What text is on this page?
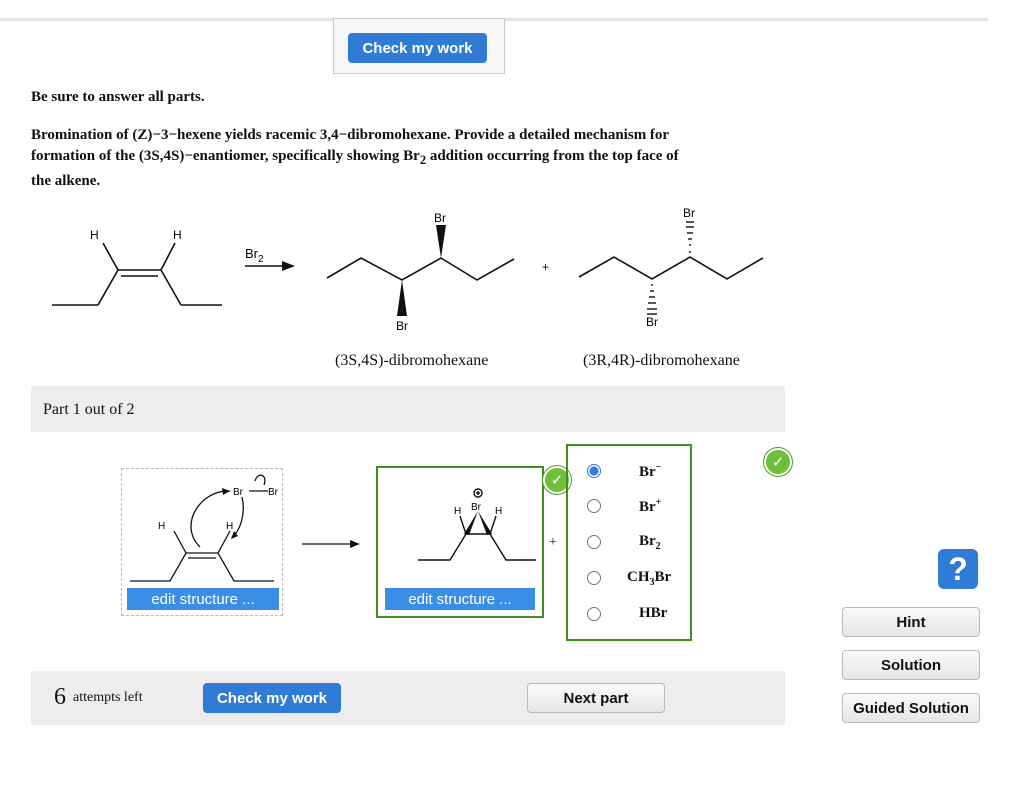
Check my work
Be sure to answer all parts.
Bromination of (Z)−3−hexene yields racemic 3,4−dibromohexane. Provide a detailed mechanism for
formation of the (3S,4S)−enantiomer, specifically showing $Br_2$ addition occurring from the top face of
the alkene.
H	H
$Br_2$
Br
Br
+
Br
Br
(3S,4S)-dibromohexane	(3R,4R)-dibromohexane
Part 1 out of 2
H	H
Br	Br
edit structure ...
H	H
Br
edit structure ...
✓
+
Br−
Br+
$Br_2$
$CH_3Br$
HBr
✓
?
Hint
Solution
Guided Solution
6 attempts left	Check my work	Next part
